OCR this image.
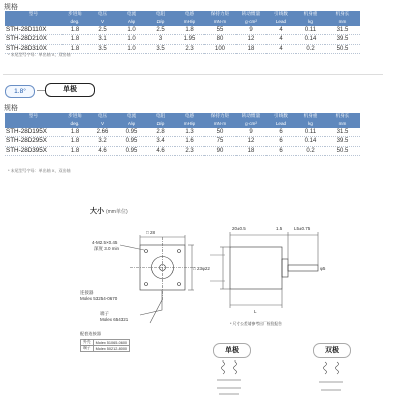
规格
型号	步进角	电压	电流	电阻	电感	保持力矩	转动惯量	引线数	机身重	机身长
	deg.	V	A/φ	Ω/φ	mH/φ	mN·m	g·cm²	Lead	kg	mm
STH-28D110X	1.8	2.5	1.0	2.5	1.8	55	9	4	0.11	31.5
STH-28D210X	1.8	3.1	1.0	3	1.95	80	12	4	0.14	39.5
STH-28D310X	1.8	3.5	1.0	3.5	2.3	100	18	4	0.2	50.5
* 末尾型号字母：单出轴 X，双出轴
1.8°	单极
规格
型号	步进角	电压	电流	电阻	电感	保持力矩	转动惯量	引线数	机身重	机身长
	deg.	V	A/φ	Ω/φ	mH/φ	mN·m	g·cm²	Lead	kg	mm
STH-28D195X	1.8	2.66	0.95	2.8	1.3	50	9	6	0.11	31.5
STH-28D295X	1.8	3.2	0.95	3.4	1.6	75	12	6	0.14	39.5
STH-28D395X	1.8	4.6	0.95	4.6	2.3	90	18	6	0.2	50.5
* 末尾型号字母：单出轴 X，双出轴
大小 (mm单位)
□ 28
□ 23
4-M2.5×0.45
深度 3.0 min
连接器
Molex 53254-0670
端子
Molex 654321
20±0.5	1.5	L5±0.75
φ5
L
φ22
* 尺寸公差请参考出厂检验报告
配套连接器
外壳	Molex 51065-0600
端子	Molex 50212-8000	单极	双极
